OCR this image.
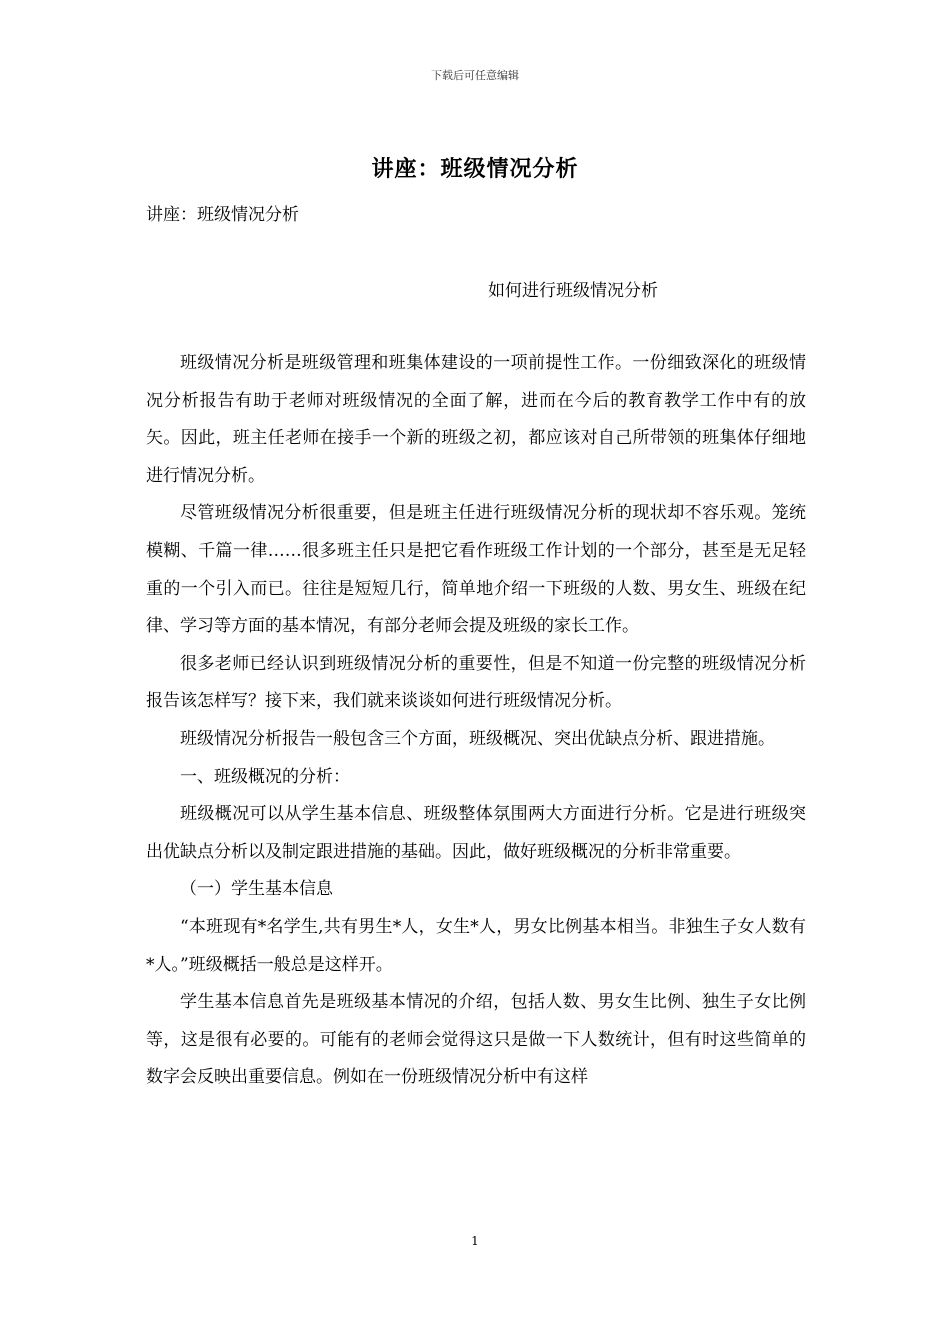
下载后可任意编辑
讲座：班级情况分析
讲座：班级情况分析
如何进行班级情况分析

班级情况分析是班级管理和班集体建设的一项前提性工作。一份细致深化的班级情况分析报告有助于老师对班级情况的全面了解，进而在今后的教育教学工作中有的放矢。因此，班主任老师在接手一个新的班级之初，都应该对自己所带领的班集体仔细地进行情况分析。

尽管班级情况分析很重要，但是班主任进行班级情况分析的现状却不容乐观。笼统模糊、千篇一律……很多班主任只是把它看作班级工作计划的一个部分，甚至是无足轻重的一个引入而已。往往是短短几行，简单地介绍一下班级的人数、男女生、班级在纪律、学习等方面的基本情况，有部分老师会提及班级的家长工作。

很多老师已经认识到班级情况分析的重要性，但是不知道一份完整的班级情况分析报告该怎样写？接下来，我们就来谈谈如何进行班级情况分析。

班级情况分析报告一般包含三个方面，班级概况、突出优缺点分析、跟进措施。

一、班级概况的分析：

班级概况可以从学生基本信息、班级整体氛围两大方面进行分析。它是进行班级突出优缺点分析以及制定跟进措施的基础。因此，做好班级概况的分析非常重要。

（一）学生基本信息

“本班现有*名学生,共有男生*人，女生*人，男女比例基本相当。非独生子女人数有*人。”班级概括一般总是这样开。

学生基本信息首先是班级基本情况的介绍，包括人数、男女生比例、独生子女比例等，这是很有必要的。可能有的老师会觉得这只是做一下人数统计，但有时这些简单的数字会反映出重要信息。例如在一份班级情况分析中有这样

1
